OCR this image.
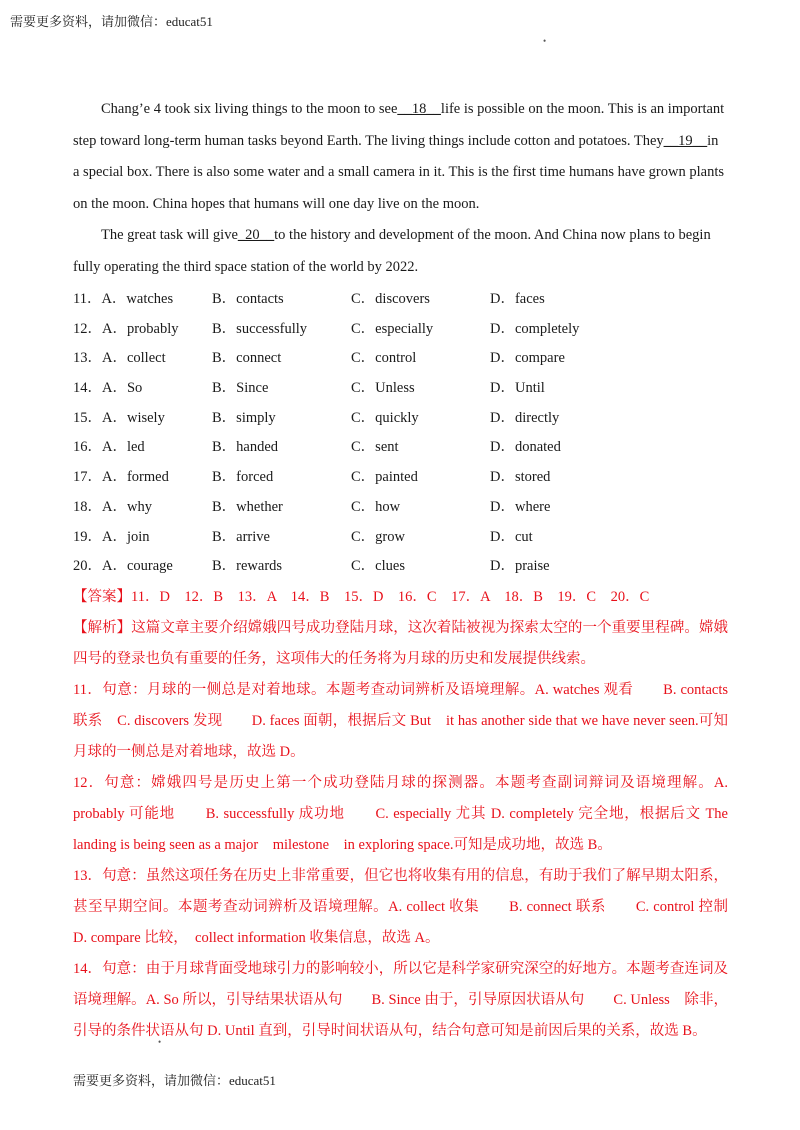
需要更多资料，请加微信：educat51
•

Chang’e 4 took six living things to the moon to see__18__life is possible on the moon. This is an important step toward long-term human tasks beyond Earth. The living things include cotton and potatoes. They__19__in a special box. There is also some water and a small camera in it. This is the first time humans have grown plants on the moon. China hopes that humans will one day live on the moon.

The great task will give_20__to the history and development of the moon. And China now plans to begin fully operating the third space station of the world by 2022.

11．A．watches	B．contacts	C．discovers	D．faces
12．A．probably B．successfully	C．especially	D．completely
13．A．collect	B．connect	C．control	D．compare
14．A．So	B．Since	C．Unless	D．Until
15．A．wisely	B．simply	C．quickly	D．directly
16．A．led	B．handed	C．sent	D．donated
17．A．formed	B．forced	C．painted	D．stored
18．A．why	B．whether	C．how	D．where
19．A．join	B．arrive	C．grow	D．cut
20．A．courage	B．rewards	C．clues	D．praise

【答案】11．D　12．B　13．A　14．B　15．D　16．C　17．A　18．B　19．C　20．C

【解析】这篇文章主要介绍嫦娥四号成功登陆月球，这次着陆被视为探索太空的一个重要里程碑。嫦娥四号的登录也负有重要的任务，这项伟大的任务将为月球的历史和发展提供线索。

11．句意：月球的一侧总是对着地球。本题考查动词辨析及语境理解。A. watches 观看　　B. contacts 联系　C. discovers 发现　　D. faces 面朝，根据后文 But　it has another side that we have never seen.可知月球的一侧总是对着地球，故选 D。

12．句意：嫦娥四号是历史上第一个成功登陆月球的探测器。本题考查副词辩词及语境理解。A. probably 可能地　　B. successfully 成功地　　C. especially 尤其 D. completely 完全地，根据后文 The landing is being seen as a major　milestone　in exploring space.可知是成功地，故选 B。

13．句意：虽然这项任务在历史上非常重要，但它也将收集有用的信息，有助于我们了解早期太阳系，甚至早期空间。本题考查动词辨析及语境理解。A. collect 收集　　B. connect 联系　　C. control 控制　　D. compare 比较，　collect information 收集信息，故选 A。

14．句意：由于月球背面受地球引力的影响较小，所以它是科学家研究深空的好地方。本题考查连词及语境理解。A. So 所以，引导结果状语从句　　B. Since 由于，引导原因状语从句　　C. Unless　除非，引导的条件状语从句 D. Until 直到，引导时间状语从句，结合句意可知是前因后果的关系，故选 B。

•
需要更多资料，请加微信：educat51
